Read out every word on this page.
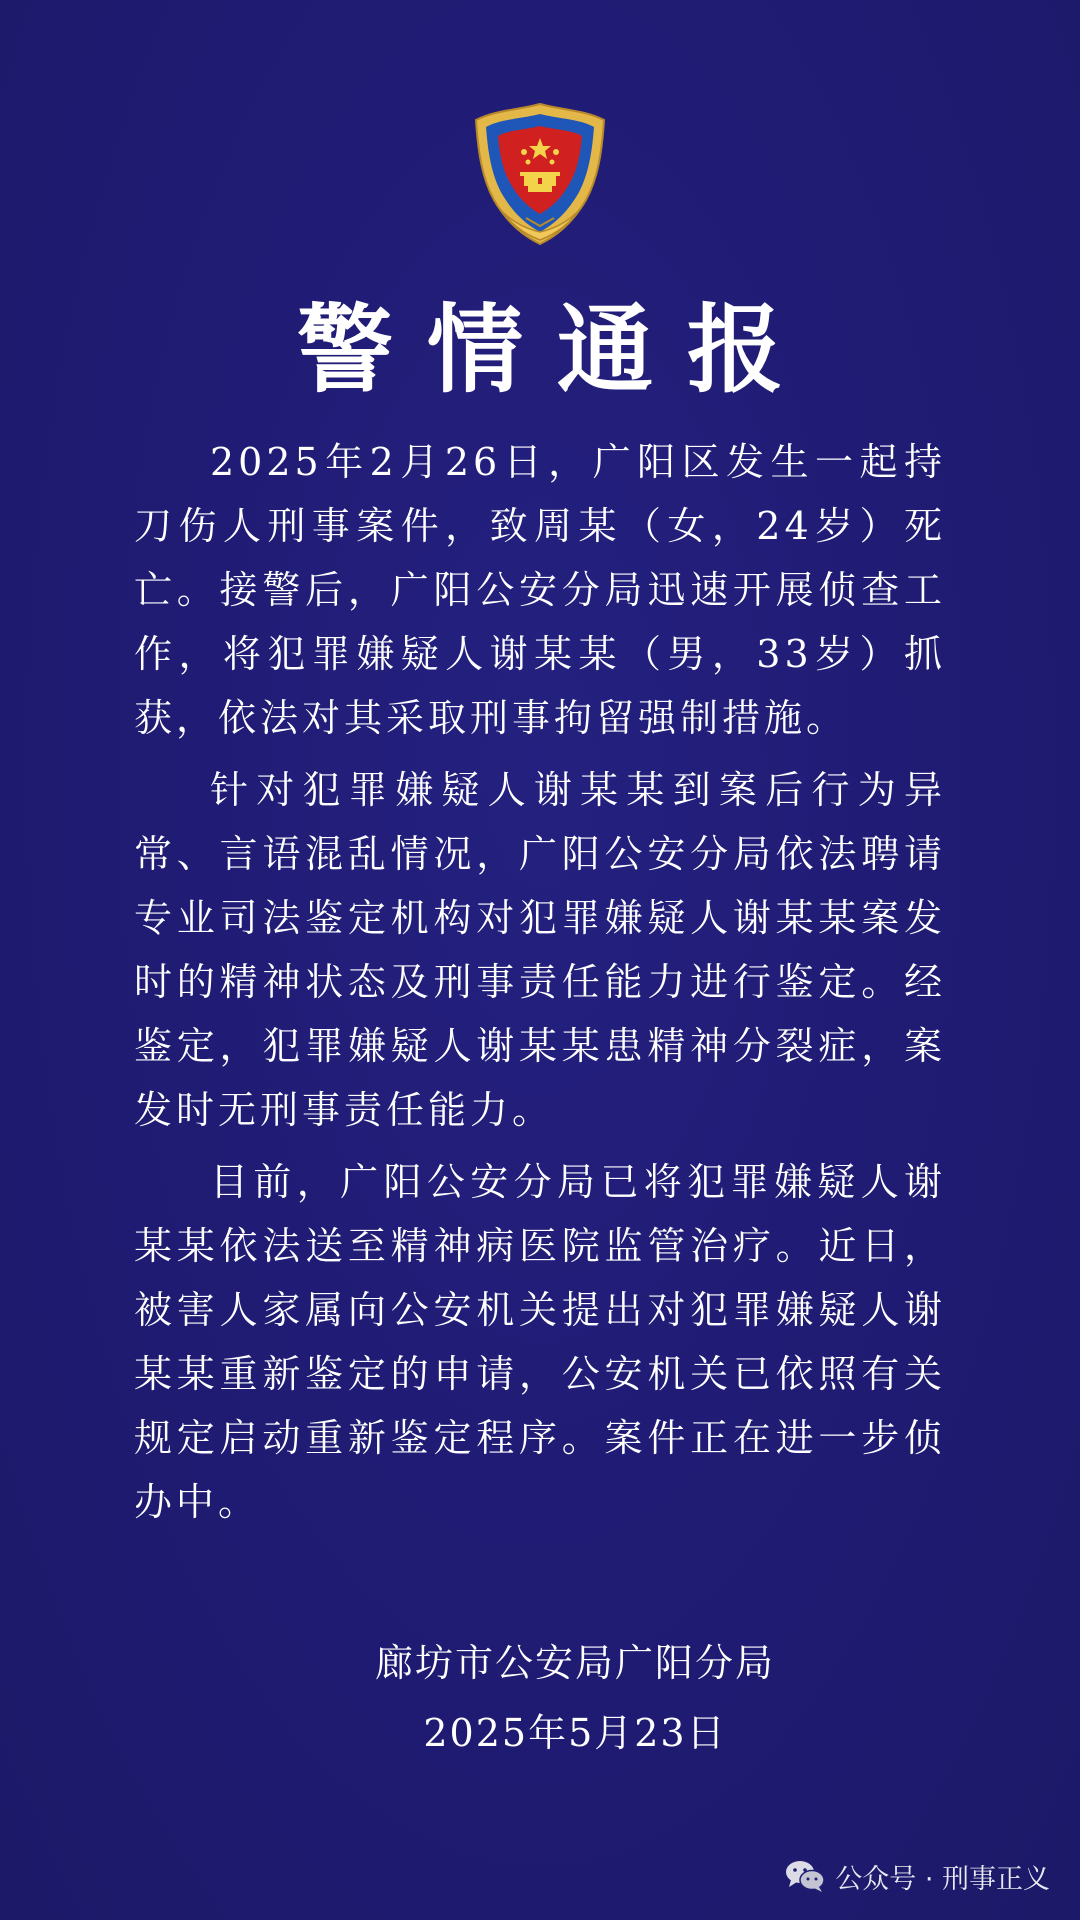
警情通报

2025年2月26日，广阳区发生一起持刀伤人刑事案件，致周某（女，24岁）死亡。接警后，广阳公安分局迅速开展侦查工作，将犯罪嫌疑人谢某某（男，33岁）抓获，依法对其采取刑事拘留强制措施。

针对犯罪嫌疑人谢某某到案后行为异常、言语混乱情况，广阳公安分局依法聘请专业司法鉴定机构对犯罪嫌疑人谢某某案发时的精神状态及刑事责任能力进行鉴定。经鉴定，犯罪嫌疑人谢某某患精神分裂症，案发时无刑事责任能力。

目前，广阳公安分局已将犯罪嫌疑人谢某某依法送至精神病医院监管治疗。近日，被害人家属向公安机关提出对犯罪嫌疑人谢某某重新鉴定的申请，公安机关已依照有关规定启动重新鉴定程序。案件正在进一步侦办中。

廊坊市公安局广阳分局
2025年5月23日
公众号 · 刑事正义
